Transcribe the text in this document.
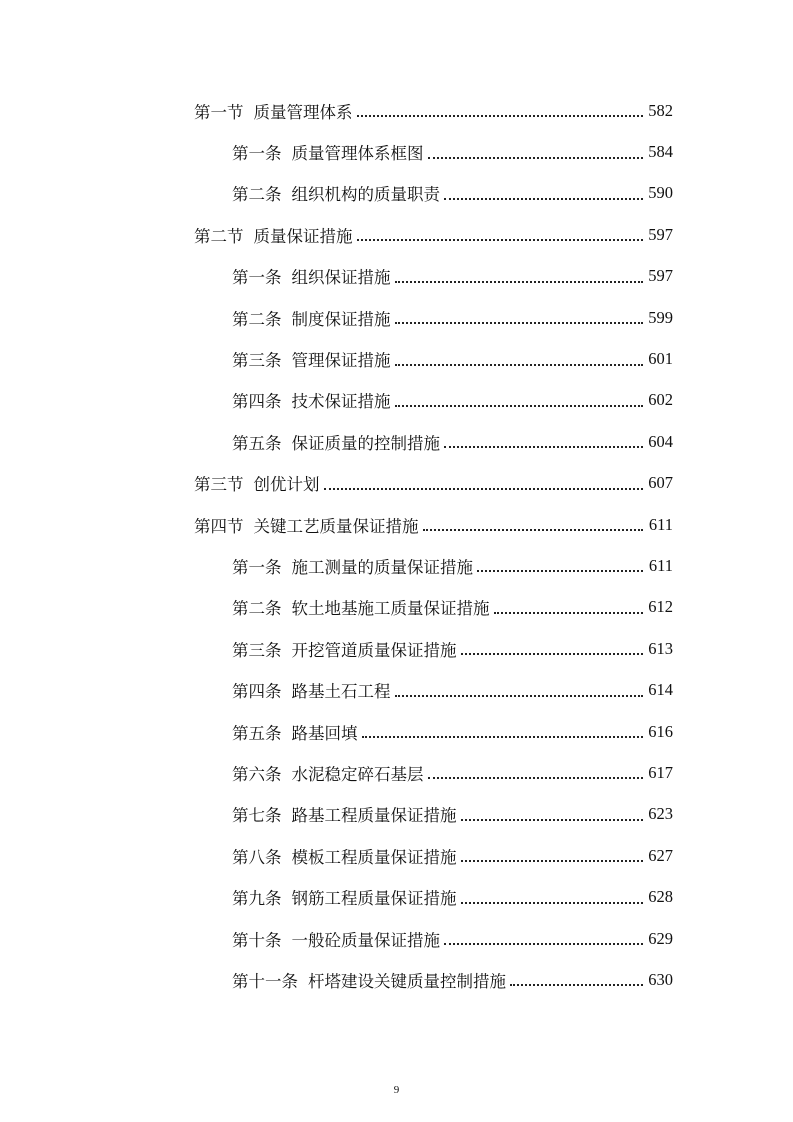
第一节 质量管理体系	582
第一条 质量管理体系框图	584
第二条 组织机构的质量职责	590
第二节 质量保证措施	597
第一条 组织保证措施	597
第二条 制度保证措施	599
第三条 管理保证措施	601
第四条 技术保证措施	602
第五条 保证质量的控制措施	604
第三节 创优计划	607
第四节 关键工艺质量保证措施	611
第一条 施工测量的质量保证措施	611
第二条 软土地基施工质量保证措施	612
第三条 开挖管道质量保证措施	613
第四条 路基土石工程	614
第五条 路基回填	616
第六条 水泥稳定碎石基层	617
第七条 路基工程质量保证措施	623
第八条 模板工程质量保证措施	627
第九条 钢筋工程质量保证措施	628
第十条 一般砼质量保证措施	629
第十一条 杆塔建设关键质量控制措施	630
9
